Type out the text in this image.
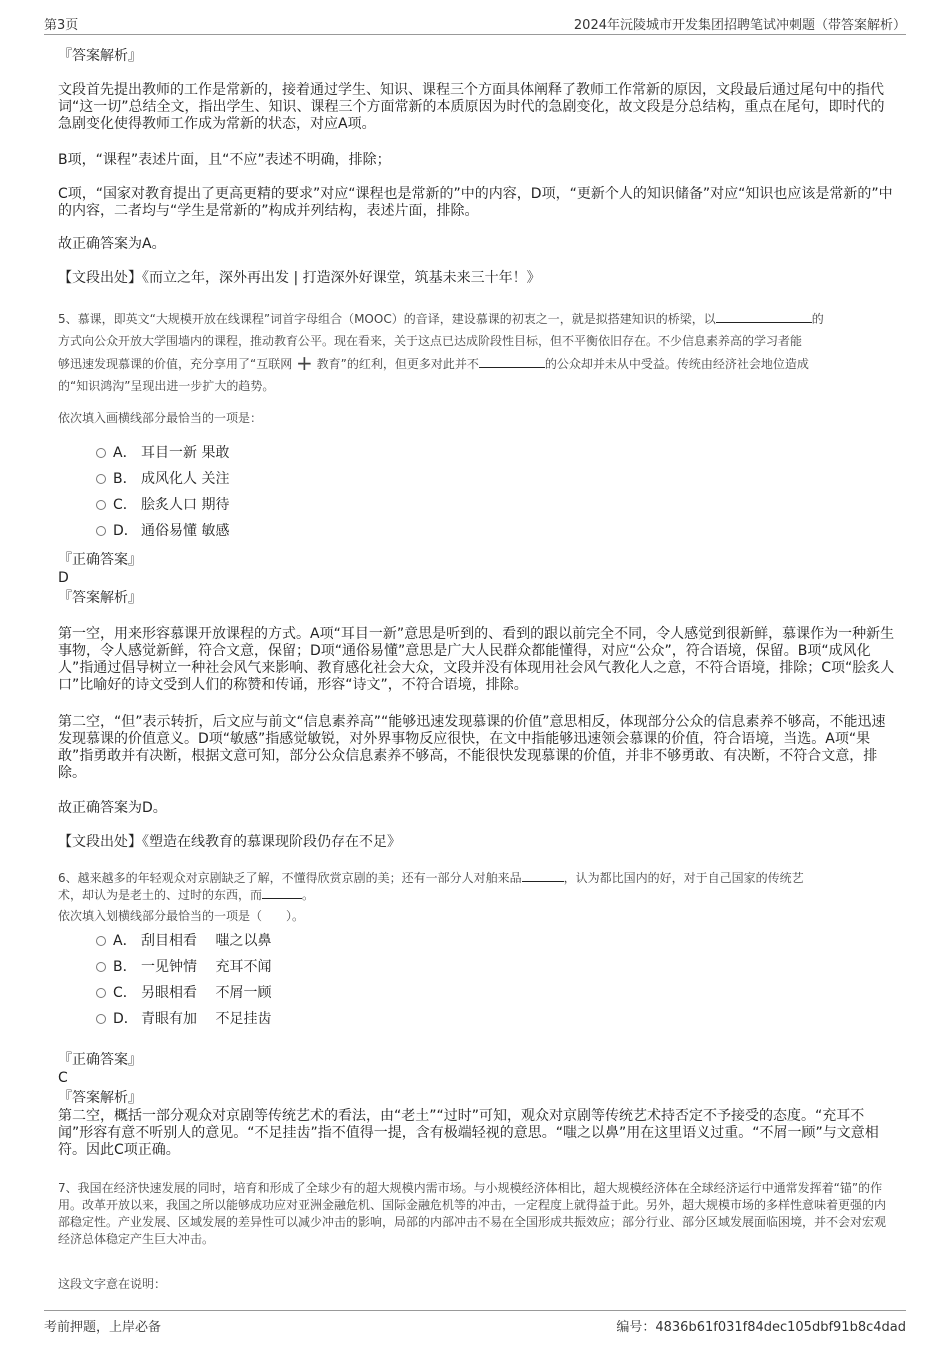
第3页	2024年沅陵城市开发集团招聘笔试冲刺题（带答案解析）
『答案解析』

文段首先提出教师的工作是常新的，接着通过学生、知识、课程三个方面具体阐释了教师工作常新的原因，文段最后通过尾句中的指代词“这一切”总结全文，指出学生、知识、课程三个方面常新的本质原因为时代的急剧变化，故文段是分总结构，重点在尾句，即时代的急剧变化使得教师工作成为常新的状态，对应A项。

B项，“课程”表述片面，且“不应”表述不明确，排除；

C项，“国家对教育提出了更高更精的要求”对应“课程也是常新的”中的内容，D项，“更新个人的知识储备”对应“知识也应该是常新的”中的内容，二者均与“学生是常新的”构成并列结构，表述片面，排除。

故正确答案为A。

【文段出处】《而立之年，深外再出发 | 打造深外好课堂，筑基未来三十年！》

5、慕课，即英文“大规模开放在线课程”词首字母组合（MOOC）的音译，建设慕课的初衷之一，就是拟搭建知识的桥梁，以	的
方式向公众开放大学围墙内的课程，推动教育公平。现在看来，关于这点已达成阶段性目标，但不平衡依旧存在。不少信息素养高的学习者能
够迅速发现慕课的价值，充分享用了“互联网 + 教育”的红利，但更多对此并不	的公众却并未从中受益。传统由经济社会地位造成
的“知识鸿沟”呈现出进一步扩大的趋势。

依次填入画横线部分最恰当的一项是：

A． 耳目一新 果敢
B． 成风化人 关注
C． 脍炙人口 期待
D． 通俗易懂 敏感
『正确答案』
D
『答案解析』

第一空，用来形容慕课开放课程的方式。A项“耳目一新”意思是听到的、看到的跟以前完全不同，令人感觉到很新鲜，慕课作为一种新生事物，令人感觉新鲜，符合文意，保留；D项“通俗易懂”意思是广大人民群众都能懂得，对应“公众”，符合语境，保留。B项“成风化人”指通过倡导树立一种社会风气来影响、教育感化社会大众，文段并没有体现用社会风气教化人之意，不符合语境，排除；C项“脍炙人口”比喻好的诗文受到人们的称赞和传诵，形容“诗文”，不符合语境，排除。

第二空，“但”表示转折，后文应与前文“信息素养高”“能够迅速发现慕课的价值”意思相反，体现部分公众的信息素养不够高，不能迅速发现慕课的价值意义。D项“敏感”指感觉敏锐，对外界事物反应很快，在文中指能够迅速领会慕课的价值，符合语境，当选。A项“果敢”指勇敢并有决断，根据文意可知，部分公众信息素养不够高，不能很快发现慕课的价值，并非不够勇敢、有决断，不符合文意，排除。

故正确答案为D。

【文段出处】《塑造在线教育的慕课现阶段仍存在不足》

6、越来越多的年轻观众对京剧缺乏了解，不懂得欣赏京剧的美；还有一部分人对舶来品	，认为都比国内的好，对于自己国家的传统艺
术，却认为是老土的、过时的东西，而	。

依次填入划横线部分最恰当的一项是（　　）。

A． 刮目相看　 嗤之以鼻
B． 一见钟情　 充耳不闻
C． 另眼相看　 不屑一顾
D． 青眼有加　 不足挂齿
『正确答案』
C
『答案解析』

第二空，概括一部分观众对京剧等传统艺术的看法，由“老土”“过时”可知，观众对京剧等传统艺术持否定不予接受的态度。“充耳不闻”形容有意不听别人的意见。“不足挂齿”指不值得一提，含有极端轻视的意思。“嗤之以鼻”用在这里语义过重。“不屑一顾”与文意相符。因此C项正确。

7、我国在经济快速发展的同时，培育和形成了全球少有的超大规模内需市场。与小规模经济体相比，超大规模经济体在全球经济运行中通常发挥着“锚”的作用。改革开放以来，我国之所以能够成功应对亚洲金融危机、国际金融危机等的冲击，一定程度上就得益于此。另外，超大规模市场的多样性意味着更强的内部稳定性。产业发展、区域发展的差异性可以减少冲击的影响，局部的内部冲击不易在全国形成共振效应；部分行业、部分区域发展面临困境，并不会对宏观经济总体稳定产生巨大冲击。

这段文字意在说明：

考前押题，上岸必备	编号：4836b61f031f84dec105dbf91b8c4dad
